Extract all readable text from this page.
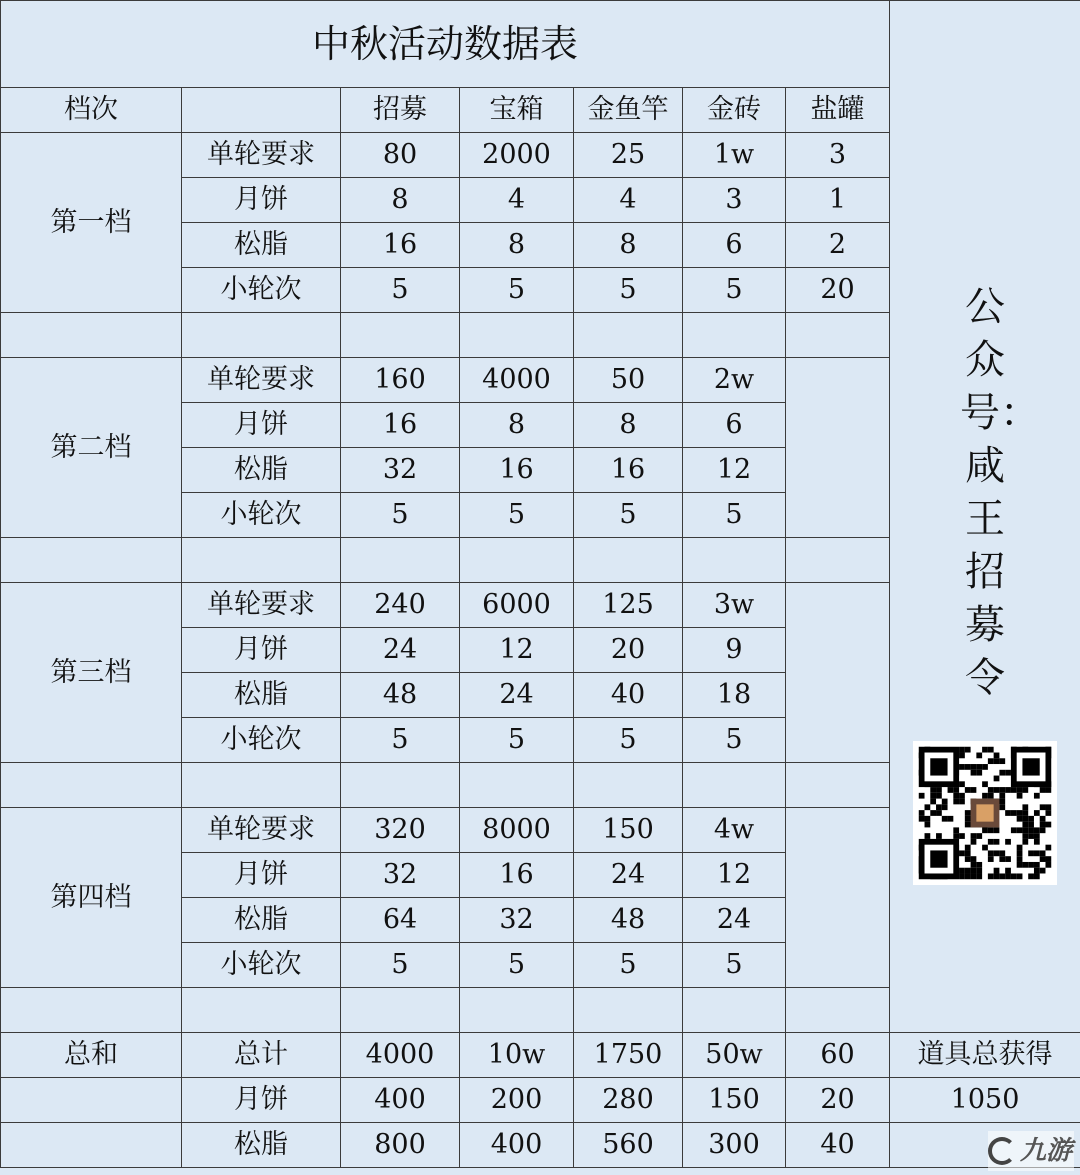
中秋活动数据表							公众号：咸王招募令

档次		招募	宝箱	金鱼竿	金砖	盐罐	
第一档	单轮要求	80	2000	25	1w	3	
	月饼	8	4	4	3	1	
	松脂	16	8	8	6	2	
	小轮次	5	5	5	5	20	

第二档	单轮要求	160	4000	50	2w		
	月饼	16	8	8	6		
	松脂	32	16	16	12		
	小轮次	5	5	5	5		

第三档	单轮要求	240	6000	125	3w		
	月饼	24	12	20	9		
	松脂	48	24	40	18		
	小轮次	5	5	5	5		

第四档	单轮要求	320	8000	150	4w		
	月饼	32	16	24	12		
	松脂	64	32	48	24		
	小轮次	5	5	5	5		

总和	总计	4000	10w	1750	50w	60	道具总获得
	月饼	400	200	280	150	20	1050
	松脂	800	400	560	300	40		九游
